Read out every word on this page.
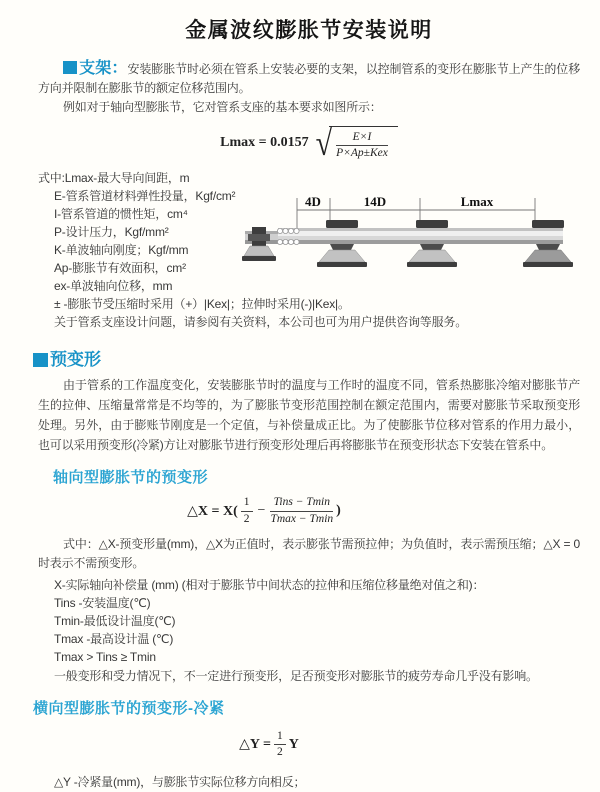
金属波纹膨胀节安装说明

支架：安装膨胀节时必须在管系上安装必要的支架，以控制管系的变形在膨胀节上产生的位移方向并限制在膨胀节的额定位移范围内。

例如对于轴向型膨胀节，它对管系支座的基本要求如图所示：

Lmax = 0.0157 √ $\frac{E\times I}{\text{P×Ap±Kex}}$
式中:Lmax-最大导向间距，m
E-管系管道材料弹性投量，Kgf/cm²
I-管系管道的惯性矩，cm⁴
P-设计压力，Kgf/mm²
K-单波轴向刚度；Kgf/mm
Ap-膨胀节有效面积，cm²
ex-单波轴向位移，mm
± -膨胀节受压缩时采用（+）|Kex|；拉伸时采用(-)|Kex|。
关于管系支座设计问题，请参阅有关资料，本公司也可为用户提供咨询等服务。
4D	14D	Lmax
预变形

由于管系的工作温度变化，安装膨胀节时的温度与工作时的温度不同，管系热膨胀冷缩对膨胀节产生的拉伸、压缩量常常是不均等的，为了膨胀节变形范围控制在额定范围内，需要对膨胀节采取预变形处理。另外，由于膨账节刚度是一个定值，与补偿量成正比。为了使膨胀节位移对管系的作用力最小，也可以采用预变形(冷紧)方让对膨胀节进行预变形处理后再将膨胀节在预变形状态下安装在管系中。

轴向型膨胀节的预变形
△X = $X( \frac{1}{2} - \frac{\text{Tins − Tmin}}{Tmax - Tmin}$ )

式中：△X-预变形量(mm)，△X为正值时，表示膨张节需预拉伸；为负值时，表示需预压缩；△X = 0时表示不需预变形。

X-实际轴向补偿量 (mm) (相对于膨胀节中间状态的拉伸和压缩位移量绝对值之和)：
Tins -安装温度(℃)
Tmin-最低设计温度(℃)
Tmax -最高设计温 (℃)
Tmax > Tins ≥ Tmin
一般变形和受力情况下，不一定进行预变形，足否预变形对膨胀节的疲劳寿命几乎没有影响。
横向型膨胀节的预变形-冷紧
△Y = $\frac{1}{2}$ Y
△Y -冷紧量(mm)，与膨胀节实际位移方向相反；
